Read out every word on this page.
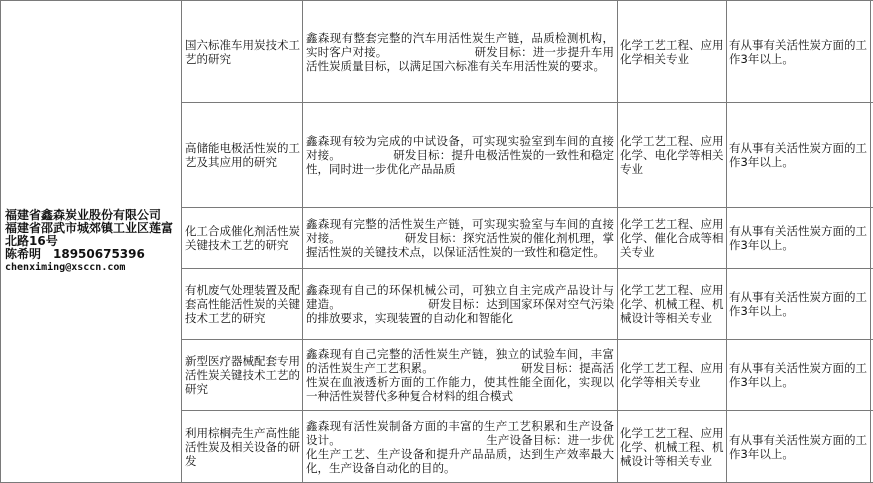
福建省鑫森炭业股份有限公司
福建省邵武市城郊镇工业区莲富北路16号
陈希明　18950675396
chenximing@xsccn.com	国六标准车用炭技术工艺的研究	鑫森现有整套完整的汽车用活性炭生产链，品质检测机构，实时客户对接。　　　　　　　　研发目标：进一步提升车用活性炭质量目标，以满足国六标准有关车用活性炭的要求。	化学工艺工程、应用化学相关专业	有从事有关活性炭方面的工作3年以上。	
	高储能电极活性炭的工艺及其应用的研究	鑫森现有较为完成的中试设备，可实现实验室到车间的直接对接。　　　　　研发目标：提升电极活性炭的一致性和稳定性，同时进一步优化产品品质	化学工艺工程、应用化学、电化学等相关专业	有从事有关活性炭方面的工作3年以上。	
	化工合成催化剂活性炭关键技术工艺的研究	鑫森现有完整的活性炭生产链，可实现实验室与车间的直接对接。　　　　　　研发目标：探究活性炭的催化剂机理，掌握活性炭的关键技术点，以保证活性炭的一致性和稳定性。	化学工艺工程、应用化学、催化合成等相关专业	有从事有关活性炭方面的工作3年以上。	
	有机废气处理装置及配套高性能活性炭的关键技术工艺的研究	鑫森现有自己的环保机械公司，可独立自主完成产品设计与建造。　　　　　　　　研发目标：达到国家环保对空气污染的排放要求，实现装置的自动化和智能化	化学工艺工程、应用化学、机械工程、机械设计等相关专业	有从事有关活性炭方面的工作3年以上。	
	新型医疗器械配套专用活性炭关键技术工艺的研究	鑫森现有自己完整的活性炭生产链，独立的试验车间，丰富的活性炭生产工艺积累。　　　　　　　　研发目标：提高活性炭在血液透析方面的工作能力，使其性能全面化，实现以一种活性炭替代多种复合材料的组合模式	化学工艺工程、应用化学等相关专业	有从事有关活性炭方面的工作3年以上。	
	利用棕榈壳生产高性能活性炭及相关设备的研发	鑫森现有活性炭制备方面的丰富的生产工艺积累和生产设备设计。　　　　　　　　　　　　　生产设备目标：进一步优化生产工艺、生产设备和提升产品品质，达到生产效率最大化，生产设备自动化的目的。	化学工艺工程、应用化学、机械工程、机械设计等相关专业	有从事有关活性炭方面的工作3年以上。	
